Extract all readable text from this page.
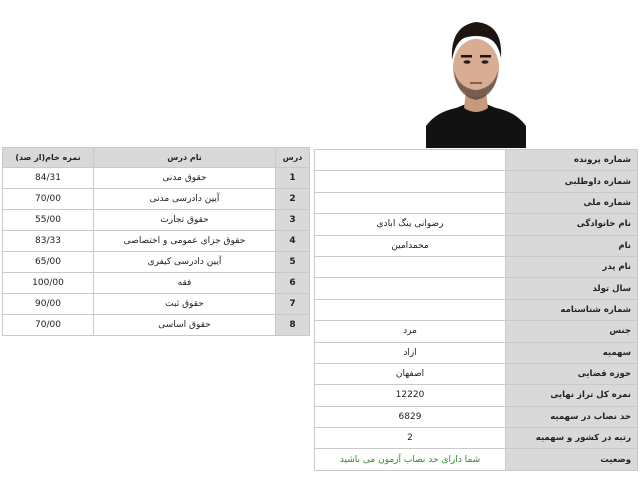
شماره پرونده	
شماره داوطلبی	
شماره ملی	
نام خانوادگی	رضوانی ینگ ابادی
نام	محمدامین
نام پدر	
سال تولد	
شماره شناسنامه	
جنس	مرد
سهمیه	ازاد
حوزه قضایی	اصفهان
نمره کل تراز نهایی	12220
حد نصاب در سهمیه	6829
رتبه در کشور و سهمیه	2
وضعیت	شما دارای حد نصاب آزمون می باشید
درس	نام درس	نمره خام(از صد)
1	حقوق مدنی	84/31
2	آیین دادرسی مدنی	70/00
3	حقوق تجارت	55/00
4	حقوق جزای عمومی و اختصاصی	83/33
5	آیین دادرسی کیفری	65/00
6	فقه	100/00
7	حقوق ثبت	90/00
8	حقوق اساسی	70/00
